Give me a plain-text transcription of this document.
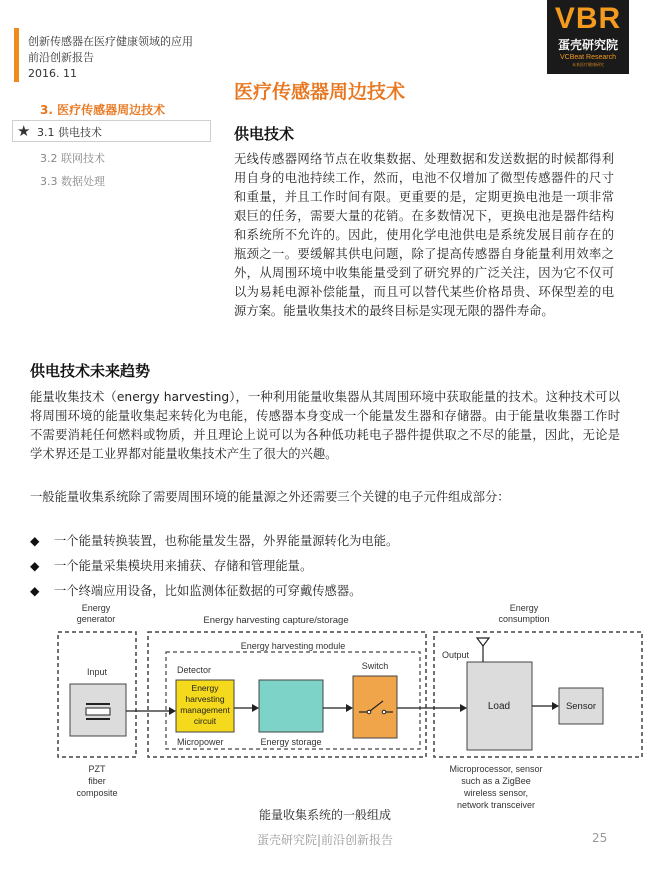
创新传感器在医疗健康领域的应用
前沿创新报告
2016. 11
VBR
蛋壳研究院
VCBeat Research
未来医疗健康研究
医疗传感器周边技术
3. 医疗传感器周边技术
★ 3.1 供电技术
3.2 联网技术
3.3 数据处理
供电技术
无线传感器网络节点在收集数据、处理数据和发送数据的时候都得利用自身的电池持续工作，然而，电池不仅增加了微型传感器件的尺寸和重量，并且工作时间有限。更重要的是，定期更换电池是一项非常艰巨的任务，需要大量的花销。在多数情况下，更换电池是器件结构和系统所不允许的。因此，使用化学电池供电是系统发展目前存在的瓶颈之一。要缓解其供电问题，除了提高传感器自身能量利用效率之外，从周围环境中收集能量受到了研究界的广泛关注，因为它不仅可以为易耗电源补偿能量，而且可以替代某些价格昂贵、环保型差的电源方案。能量收集技术的最终目标是实现无限的器件寿命。
供电技术未来趋势
能量收集技术（energy harvesting），一种利用能量收集器从其周围环境中获取能量的技术。这种技术可以将周围环境的能量收集起来转化为电能，传感器本身变成一个能量发生器和存储器。由于能量收集器工作时不需要消耗任何燃料或物质，并且理论上说可以为各种低功耗电子器件提供取之不尽的能量，因此，无论是学术界还是工业界都对能量收集技术产生了很大的兴趣。
一般能量收集系统除了需要周围环境的能量源之外还需要三个关键的电子元件组成部分：
◆ 一个能量转换装置，也称能量发生器，外界能量源转化为电能。
◆ 一个能量采集模块用来捕获、存储和管理能量。
◆ 一个终端应用设备，比如监测体征数据的可穿戴传感器。
Energy generator	Energy harvesting capture/storage
Energy consumption
Energy harvesting module
Input	Detector
Energy harvesting management circuit
Micropower	Energy storage
Switch
Output
Load	Sensor
PZT fiber composite
Microprocessor, sensor such as a ZigBee wireless sensor, network transceiver
能量收集系统的一般组成
蛋壳研究院|前沿创新报告	25
